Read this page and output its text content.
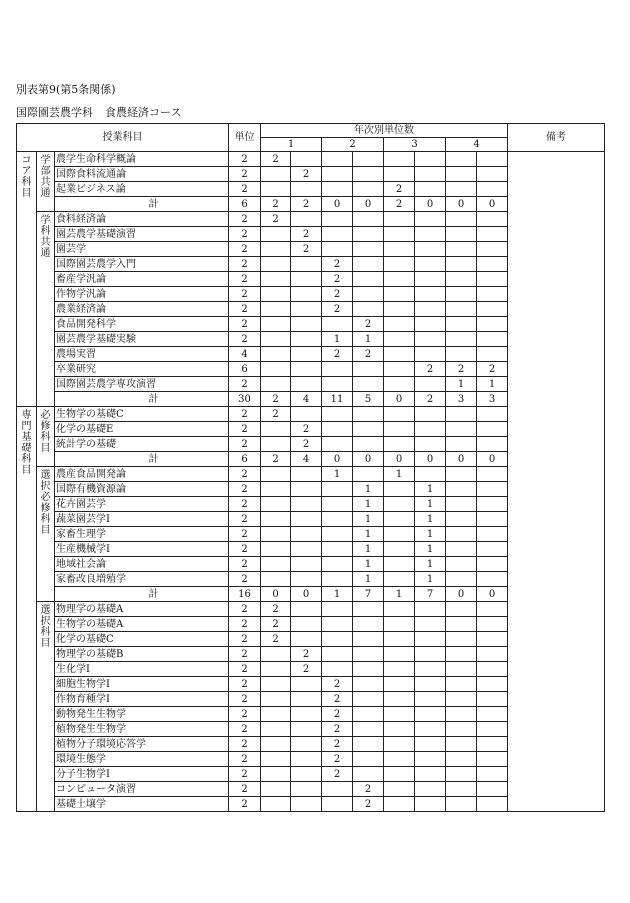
別表第9(第5条関係)
国際園芸農学科 食農経済コース
授業科目			単位	年次別単位数								備考
				1		2		3		4		
コア科目	学部共通	農学生命科学概論	2	2								
		国際食料流通論	2		2							
		起業ビジネス論	2					2				
		計	6	2	2	0	0	2	0	0	0	
	学科共通	食料経済論	2	2								
		園芸農学基礎演習	2		2							
		園芸学	2		2							
		国際園芸農学入門	2			2						
		畜産学汎論	2			2						
		作物学汎論	2			2						
		農業経済論	2			2						
		食品開発科学	2				2					
		園芸農学基礎実験	2			1	1					
		農場実習	4			2	2					
		卒業研究	6						2	2	2	
		国際園芸農学専攻演習	2							1	1	
		計	30	2	4	11	5	0	2	3	3	
専門基礎科目	必修科目	生物学の基礎C	2	2								
		化学の基礎E	2		2							
		統計学の基礎	2		2							
		計	6	2	4	0	0	0	0	0	0	
	選択必修科目	農産食品開発論	2			1		1				
		国際有機資源論	2				1		1			
		花卉園芸学	2				1		1			
		蔬菜園芸学Ⅰ	2				1		1			
		家畜生理学	2				1		1			
		生産機械学Ⅰ	2				1		1			
		地域社会論	2				1		1			
		家畜改良増殖学	2				1		1			
		計	16	0	0	1	7	1	7	0	0	
	選択科目	物理学の基礎A	2	2								
		生物学の基礎A	2	2								
		化学の基礎C	2	2								
		物理学の基礎B	2		2							
		生化学Ⅰ	2		2							
		細胞生物学Ⅰ	2			2						
		作物育種学Ⅰ	2			2						
		動物発生生物学	2			2						
		植物発生生物学	2			2						
		植物分子環境応答学	2			2						
		環境生態学	2			2						
		分子生物学Ⅰ	2			2						
		コンピュータ演習	2				2					
		基礎土壌学	2				2					
